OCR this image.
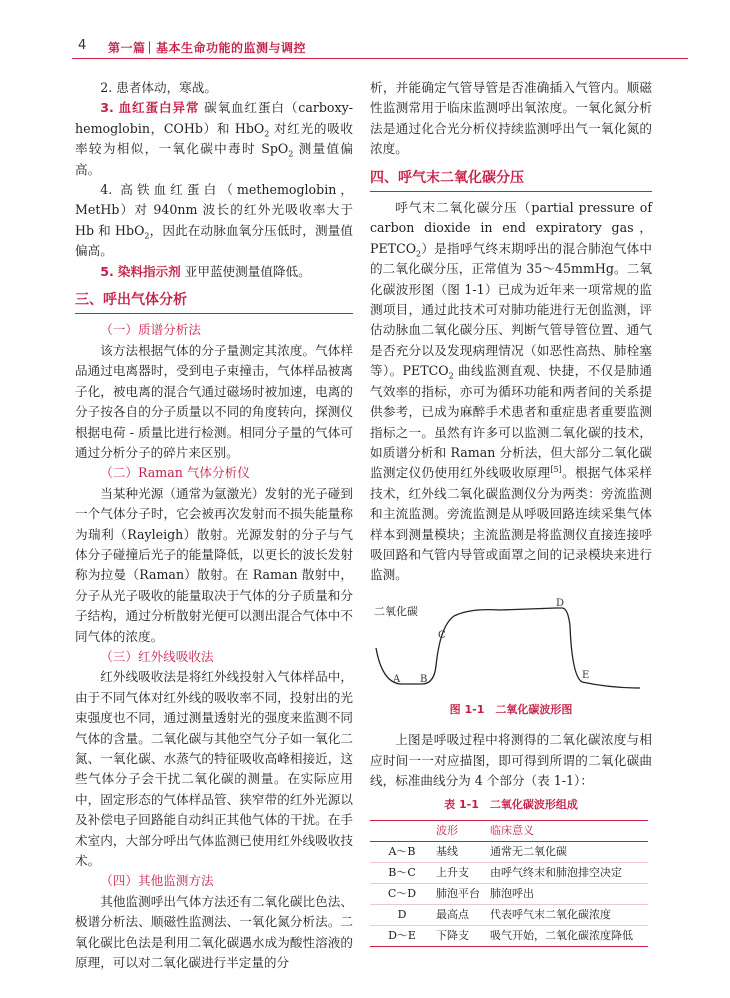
4 第一篇｜基本生命功能的监测与调控

2. 患者体动，寒战。

3. 血红蛋白异常 碳氧血红蛋白（carboxy-hemoglobin，COHb）和 HbO$_2$ 对红光的吸收率较为相似，一氧化碳中毒时 SpO$_2$ 测量值偏高。

4. 高铁血红蛋白（methemoglobin，MetHb）对 940nm 波长的红外光吸收率大于 Hb 和 HbO$_2$，因此在动脉血氧分压低时，测量值偏高。

5. 染料指示剂 亚甲蓝使测量值降低。

三、呼出气体分析

（一）质谱分析法

该方法根据气体的分子量测定其浓度。气体样品通过电离器时，受到电子束撞击，气体样品被离子化，被电离的混合气通过磁场时被加速，电离的分子按各自的分子质量以不同的角度转向，探测仪根据电荷 - 质量比进行检测。相同分子量的气体可通过分析分子的碎片来区别。

（二）Raman 气体分析仪

当某种光源（通常为氩激光）发射的光子碰到一个气体分子时，它会被再次发射而不损失能量称为瑞利（Rayleigh）散射。光源发射的分子与气体分子碰撞后光子的能量降低，以更长的波长发射称为拉曼（Raman）散射。在 Raman 散射中，分子从光子吸收的能量取决于气体的分子质量和分子结构，通过分析散射光便可以测出混合气体中不同气体的浓度。

（三）红外线吸收法

红外线吸收法是将红外线投射入气体样品中，由于不同气体对红外线的吸收率不同，投射出的光束强度也不同，通过测量透射光的强度来监测不同气体的含量。二氧化碳与其他空气分子如一氧化二氮、一氧化碳、水蒸气的特征吸收高峰相接近，这些气体分子会干扰二氧化碳的测量。在实际应用中，固定形态的气体样品管、狭窄带的红外光源以及补偿电子回路能自动纠正其他气体的干扰。在手术室内，大部分呼出气体监测已使用红外线吸收技术。

（四）其他监测方法

其他监测呼出气体方法还有二氧化碳比色法、极谱分析法、顺磁性监测法、一氧化氮分析法。二氧化碳比色法是利用二氧化碳遇水成为酸性溶液的原理，可以对二氧化碳进行半定量的分

析，并能确定气管导管是否准确插入气管内。顺磁性监测常用于临床监测呼出氧浓度。一氧化氮分析法是通过化合光分析仪持续监测呼出气一氧化氮的浓度。

四、呼气末二氧化碳分压

呼气末二氧化碳分压（partial pressure of carbon dioxide in end expiratory gas，$PETCO_2$）是指呼气终末期呼出的混合肺泡气体中的二氧化碳分压，正常值为 35～45mmHg。二氧化碳波形图（图 1-1）已成为近年来一项常规的监测项目，通过此技术可对肺功能进行无创监测，评估动脉血二氧化碳分压、判断气管导管位置、通气是否充分以及发现病理情况（如恶性高热、肺栓塞等）。$PETCO_2$ 曲线监测直观、快捷，不仅是肺通气效率的指标，亦可为循环功能和两者间的关系提供参考，已成为麻醉手术患者和重症患者重要监测指标之一。虽然有许多可以监测二氧化碳的技术，如质谱分析和 Raman 分析法，但大部分二氧化碳监测定仪仍使用红外线吸收原理[5]。根据气体采样技术，红外线二氧化碳监测仪分为两类：旁流监测和主流监测。旁流监测是从呼吸回路连续采集气体样本到测量模块；主流监测是将监测仪直接连接呼吸回路和气管内导管或面罩之间的记录模块来进行监测。

二氧化碳
A B
C
D
E
图 1-1　二氧化碳波形图

上图是呼吸过程中将测得的二氧化碳浓度与相应时间一一对应描图，即可得到所谓的二氧化碳曲线，标准曲线分为 4 个部分（表 1-1）：

表 1-1　二氧化碳波形组成
	波形	临床意义
A～B	基线	通常无二氧化碳
B～C	上升支	由呼气终末和肺泡排空决定
C～D	肺泡平台	肺泡呼出
D	最高点	代表呼气末二氧化碳浓度
D～E	下降支	吸气开始，二氧化碳浓度降低
